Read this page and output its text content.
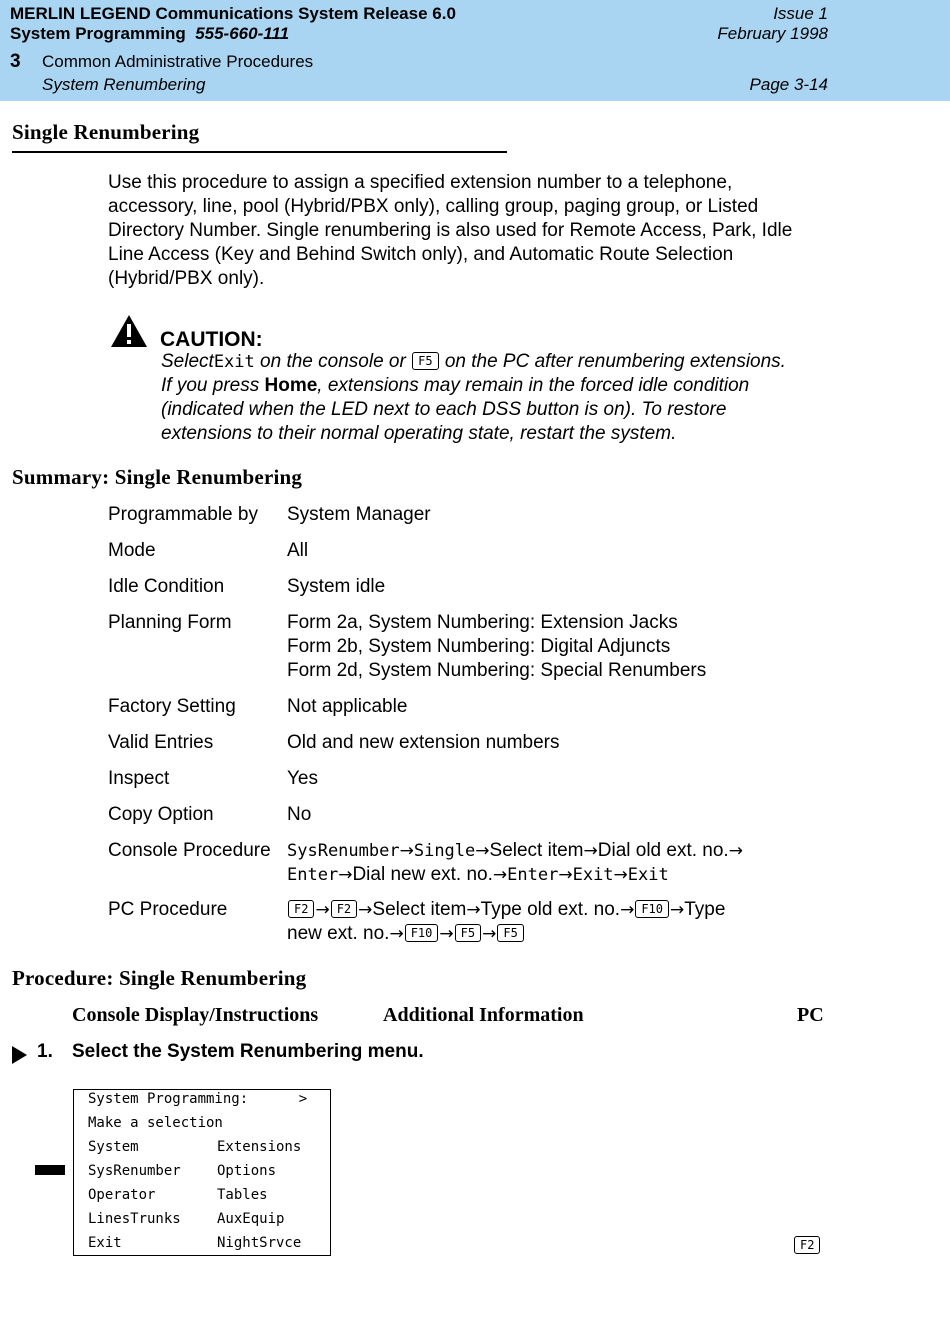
MERLIN LEGEND Communications System Release 6.0
System Programming 555-660-111
Issue 1
February 1998
3 Common Administrative Procedures
System Renumbering	Page 3-14
Single Renumbering
Use this procedure to assign a specified extension number to a telephone,
accessory, line, pool (Hybrid/PBX only), calling group, paging group, or Listed
Directory Number. Single renumbering is also used for Remote Access, Park, Idle
Line Access (Key and Behind Switch only), and Automatic Route Selection
(Hybrid/PBX only).
CAUTION:
SelectExit on the console or F5 on the PC after renumbering extensions.
If you press Home, extensions may remain in the forced idle condition
(indicated when the LED next to each DSS button is on). To restore
extensions to their normal operating state, restart the system.
Summary: Single Renumbering
Programmable by System Manager
Mode	All
Idle Condition	System idle
Planning Form	Form 2a, System Numbering: Extension Jacks
Form 2b, System Numbering: Digital Adjuncts
Form 2d, System Numbering: Special Renumbers
Factory Setting	Not applicable
Valid Entries	Old and new extension numbers
Inspect	Yes
Copy Option	No
Console Procedure SysRenumber→Single→Select item→Dial old ext. no.→
Enter→Dial new ext. no.→Enter→Exit→Exit
PC Procedure	F2 → F2 →Select item→Type old ext. no.→ F10 →Type
new ext. no.→ F10 → F5 → F5
Procedure: Single Renumbering
Console Display/Instructions	Additional Information	PC
1. Select the System Renumbering menu.
System Programming:      >
Make a selection
System	Extensions
SysRenumber	Options
Operator	Tables
LinesTrunks	AuxEquip
Exit	NightSrvce	F2
